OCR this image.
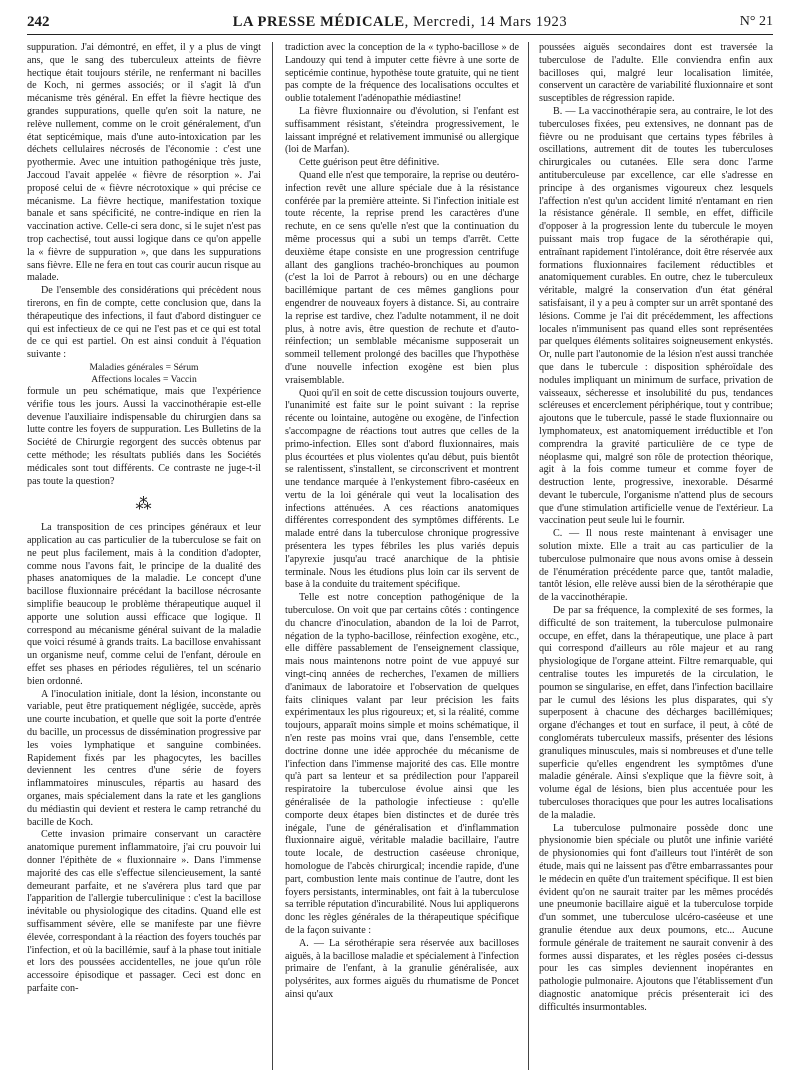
242	LA PRESSE MÉDICALE, Mercredi, 14 Mars 1923	N° 21

suppuration. J'ai démontré, en effet, il y a plus de vingt ans, que le sang des tuberculeux atteints de fièvre hectique était toujours stérile, ne renfermant ni bacilles de Koch, ni germes associés; or il s'agit là d'un mécanisme très général. En effet la fièvre hectique des grandes suppurations, quelle qu'en soit la nature, ne relève nullement, comme on le croit généralement, d'un état septicémique, mais d'une auto-intoxication par les déchets cellulaires nécrosés de l'économie : c'est une pyothermie. Avec une intuition pathogénique très juste, Jaccoud l'avait appelée « fièvre de résorption ». J'ai proposé celui de « fièvre nécrotoxique » qui précise ce mécanisme. La fièvre hectique, manifestation toxique banale et sans spécificité, ne contre-indique en rien la vaccination active. Celle-ci sera donc, si le sujet n'est pas trop cachectisé, tout aussi logique dans ce qu'on appelle la « fièvre de suppuration », que dans les suppurations sans fièvre. Elle ne fera en tout cas courir aucun risque au malade.

De l'ensemble des considérations qui précèdent nous tirerons, en fin de compte, cette conclusion que, dans la thérapeutique des infections, il faut d'abord distinguer ce qui est infectieux de ce qui ne l'est pas et ce qui est total de ce qui est partiel. On est ainsi conduit à l'équation suivante :

Maladies générales = Sérum
Affections locales = Vaccin

formule un peu schématique, mais que l'expérience vérifie tous les jours. Aussi la vaccinothérapie est-elle devenue l'auxiliaire indispensable du chirurgien dans sa lutte contre les foyers de suppuration. Les Bulletins de la Société de Chirurgie regorgent des succès obtenus par cette méthode; les résultats publiés dans les Sociétés médicales sont tout différents. Ce contraste ne juge-t-il pas toute la question?

⁂

La transposition de ces principes généraux et leur application au cas particulier de la tuberculose se fait on ne peut plus facilement, mais à la condition d'adopter, comme nous l'avons fait, le principe de la dualité des phases anatomiques de la maladie. Le concept d'une bacillose fluxionnaire précédant la bacillose nécrosante simplifie beaucoup le problème thérapeutique auquel il apporte une solution aussi efficace que logique. Il correspond au mécanisme général suivant de la maladie que voici résumé à grands traits. La bacillose envahissant un organisme neuf, comme celui de l'enfant, déroule en effet ses phases en périodes régulières, tel un scénario bien ordonné.

A l'inoculation initiale, dont la lésion, inconstante ou variable, peut être pratiquement négligée, succède, après une courte incubation, et quelle que soit la porte d'entrée du bacille, un processus de dissémination progressive par les voies lymphatique et sanguine combinées. Rapidement fixés par les phagocytes, les bacilles deviennent les centres d'une série de foyers inflammatoires minuscules, répartis au hasard des organes, mais spécialement dans la rate et les ganglions du médiastin qui devient et restera le camp retranché du bacille de Koch.

Cette invasion primaire conservant un caractère anatomique purement inflammatoire, j'ai cru pouvoir lui donner l'épithète de « fluxionnaire ». Dans l'immense majorité des cas elle s'effectue silencieusement, la santé demeurant parfaite, et ne s'avérera plus tard que par l'apparition de l'allergie tuberculinique : c'est la bacillose inévitable ou physiologique des citadins. Quand elle est suffisamment sévère, elle se manifeste par une fièvre élevée, correspondant à la réaction des foyers touchés par l'infection, et où la bacillémie, sauf à la phase tout initiale et lors des poussées accidentelles, ne joue qu'un rôle accessoire épisodique et passager. Ceci est donc en parfaite con-

tradiction avec la conception de la « typho-bacillose » de Landouzy qui tend à imputer cette fièvre à une sorte de septicémie continue, hypothèse toute gratuite, qui ne tient pas compte de la fréquence des localisations occultes et oublie totalement l'adénopathie médiastine!

La fièvre fluxionnaire ou d'évolution, si l'enfant est suffisamment résistant, s'éteindra progressivement, le laissant imprégné et relativement immunisé ou allergique (loi de Marfan).

Cette guérison peut être définitive.

Quand elle n'est que temporaire, la reprise ou deutéro-infection revêt une allure spéciale due à la résistance conférée par la première atteinte. Si l'infection initiale est toute récente, la reprise prend les caractères d'une rechute, en ce sens qu'elle n'est que la continuation du même processus qui a subi un temps d'arrêt. Cette deuxième étape consiste en une progression centrifuge allant des ganglions trachéo-bronchiques au poumon (c'est la loi de Parrot à rebours) ou en une décharge bacillémique partant de ces mêmes ganglions pour engendrer de nouveaux foyers à distance. Si, au contraire la reprise est tardive, chez l'adulte notamment, il ne doit plus, à notre avis, être question de rechute et d'auto-réinfection; un semblable mécanisme supposerait un sommeil tellement prolongé des bacilles que l'hypothèse d'une nouvelle infection exogène est bien plus vraisemblable.

Quoi qu'il en soit de cette discussion toujours ouverte, l'unanimité est faite sur le point suivant : la reprise récente ou lointaine, autogène ou exogène, de l'infection s'accompagne de réactions tout autres que celles de la primo-infection. Elles sont d'abord fluxionnaires, mais plus écourtées et plus violentes qu'au début, puis bientôt se ralentissent, s'installent, se circonscrivent et montrent une tendance marquée à l'enkystement fibro-caséeux en vertu de la loi générale qui veut la localisation des infections atténuées. A ces réactions anatomiques différentes correspondent des symptômes différents. Le malade entré dans la tuberculose chronique progressive présentera les types fébriles les plus variés depuis l'apyrexie jusqu'au tracé anarchique de la phtisie terminale. Nous les étudions plus loin car ils servent de base à la conduite du traitement spécifique.

Telle est notre conception pathogénique de la tuberculose. On voit que par certains côtés : contingence du chancre d'inoculation, abandon de la loi de Parrot, négation de la typho-bacillose, réinfection exogène, etc., elle diffère passablement de l'enseignement classique, mais nous maintenons notre point de vue appuyé sur vingt-cinq années de recherches, l'examen de milliers d'animaux de laboratoire et l'observation de quelques faits cliniques valant par leur précision les faits expérimentaux les plus rigoureux; et, si la réalité, comme toujours, apparaît moins simple et moins schématique, il n'en reste pas moins vrai que, dans l'ensemble, cette doctrine donne une idée approchée du mécanisme de l'infection dans l'immense majorité des cas. Elle montre qu'à part sa lenteur et sa prédilection pour l'appareil respiratoire la tuberculose évolue ainsi que les généralisée de la pathologie infectieuse : qu'elle comporte deux étapes bien distinctes et de durée très inégale, l'une de généralisation et d'inflammation fluxionnaire aiguë, véritable maladie bacillaire, l'autre toute locale, de destruction caséeuse chronique, homologue de l'abcès chirurgical; incendie rapide, d'une part, combustion lente mais continue de l'autre, dont les foyers persistants, interminables, ont fait à la tuberculose sa terrible réputation d'incurabilité. Nous lui appliquerons donc les règles générales de la thérapeutique spécifique de la façon suivante :

A. — La sérothérapie sera réservée aux bacilloses aiguës, à la bacillose maladie et spécialement à l'infection primaire de l'enfant, à la granulie généralisée, aux polysérites, aux formes aiguës du rhumatisme de Poncet ainsi qu'aux

poussées aiguës secondaires dont est traversée la tuberculose de l'adulte. Elle conviendra enfin aux bacilloses qui, malgré leur localisation limitée, conservent un caractère de variabilité fluxionnaire et sont susceptibles de régression rapide.

B. — La vaccinothérapie sera, au contraire, le lot des tuberculoses fixées, peu extensives, ne donnant pas de fièvre ou ne produisant que certains types fébriles à oscillations, autrement dit de toutes les tuberculoses chirurgicales ou cutanées. Elle sera donc l'arme antituberculeuse par excellence, car elle s'adresse en principe à des organismes vigoureux chez lesquels l'affection n'est qu'un accident limité n'entamant en rien la résistance générale. Il semble, en effet, difficile d'opposer à la progression lente du tubercule le moyen puissant mais trop fugace de la sérothérapie qui, entraînant rapidement l'intolérance, doit être réservée aux formations fluxionnaires facilement réductibles et anatomiquement curables. En outre, chez le tuberculeux véritable, malgré la conservation d'un état général satisfaisant, il y a peu à compter sur un arrêt spontané des lésions. Comme je l'ai dit précédemment, les affections locales n'immunisent pas quand elles sont représentées par quelques éléments solitaires soigneusement enkystés. Or, nulle part l'autonomie de la lésion n'est aussi tranchée que dans le tubercule : disposition sphéroïdale des nodules impliquant un minimum de surface, privation de vaisseaux, sécheresse et insolubilité du pus, tendances scléreuses et encerclement périphérique, tout y contribue; ajoutons que le tubercule, passé le stade fluxionnaire ou lymphomateux, est anatomiquement irréductible et l'on comprendra la gravité particulière de ce type de néoplasme qui, malgré son rôle de protection théorique, agit à la fois comme tumeur et comme foyer de destruction lente, progressive, inexorable. Désarmé devant le tubercule, l'organisme n'attend plus de secours que d'une stimulation artificielle venue de l'extérieur. La vaccination peut seule lui le fournir.

C. — Il nous reste maintenant à envisager une solution mixte. Elle a trait au cas particulier de la tuberculose pulmonaire que nous avons omise à dessein de l'énumération précédente parce que, tantôt maladie, tantôt lésion, elle relève aussi bien de la sérothérapie que de la vaccinothérapie.

De par sa fréquence, la complexité de ses formes, la difficulté de son traitement, la tuberculose pulmonaire occupe, en effet, dans la thérapeutique, une place à part qui correspond d'ailleurs au rôle majeur et au rang physiologique de l'organe atteint. Filtre remarquable, qui centralise toutes les impuretés de la circulation, le poumon se singularise, en effet, dans l'infection bacillaire par le cumul des lésions les plus disparates, qui s'y superposent à chacune des décharges bacillémiques; organe d'échanges et tout en surface, il peut, à côté de conglomérats tuberculeux massifs, présenter des lésions granuliques minuscules, mais si nombreuses et d'une telle superficie qu'elles engendrent les symptômes d'une maladie générale. Ainsi s'explique que la fièvre soit, à volume égal de lésions, bien plus accentuée pour les tuberculoses thoraciques que pour les autres localisations de la maladie.

La tuberculose pulmonaire possède donc une physionomie bien spéciale ou plutôt une infinie variété de physionomies qui font d'ailleurs tout l'intérêt de son étude, mais qui ne laissent pas d'être embarrassantes pour le médecin en quête d'un traitement spécifique. Il est bien évident qu'on ne saurait traiter par les mêmes procédés une pneumonie bacillaire aiguë et la tuberculose torpide d'un sommet, une tuberculose ulcéro-caséeuse et une granulie étendue aux deux poumons, etc... Aucune formule générale de traitement ne saurait convenir à des formes aussi disparates, et les règles posées ci-dessus pour les cas simples deviennent inopérantes en pathologie pulmonaire. Ajoutons que l'établissement d'un diagnostic anatomique précis présenterait ici des difficultés insurmontables.
